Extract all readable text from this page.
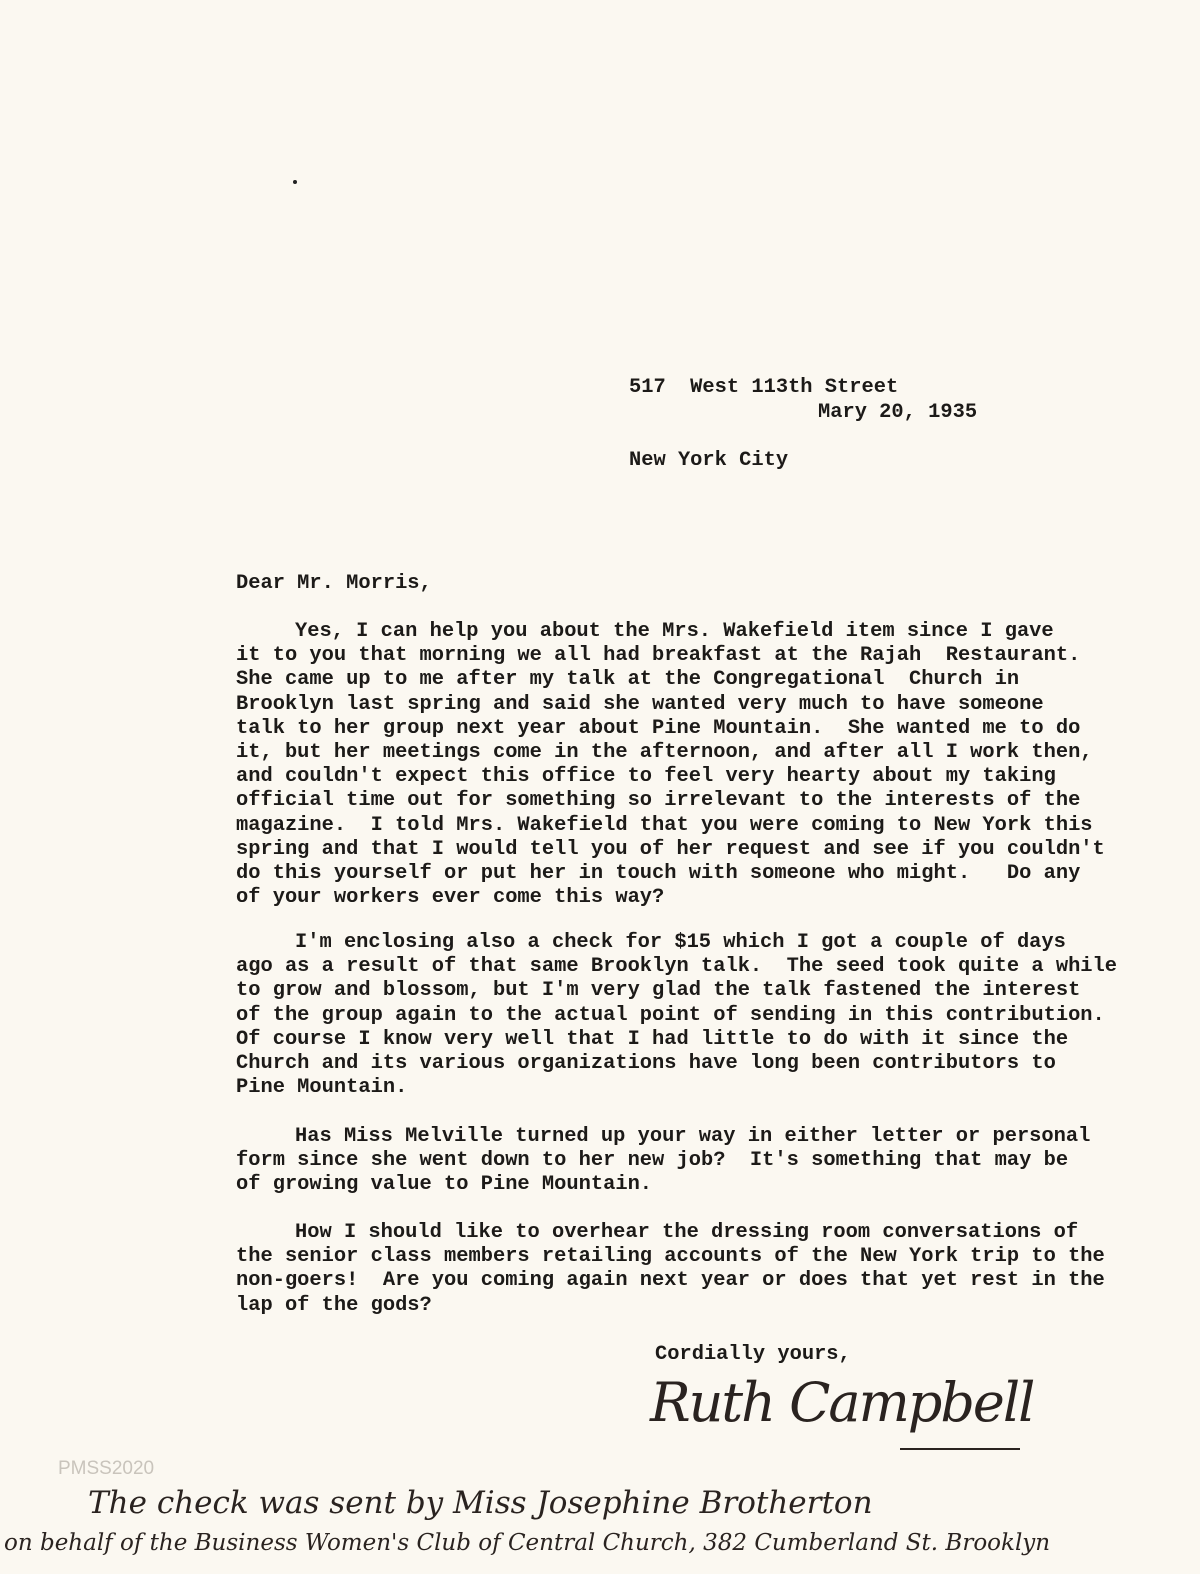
517  West 113th Street

New York City

Mary 20, 1935
Dear Mr. Morris,
Yes, I can help you about the Mrs. Wakefield item since I gave
it to you that morning we all had breakfast at the Rajah  Restaurant.
She came up to me after my talk at the Congregational  Church in
Brooklyn last spring and said she wanted very much to have someone
talk to her group next year about Pine Mountain.  She wanted me to do
it, but her meetings come in the afternoon, and after all I work then,
and couldn't expect this office to feel very hearty about my taking
official time out for something so irrelevant to the interests of the
magazine.  I told Mrs. Wakefield that you were coming to New York this
spring and that I would tell you of her request and see if you couldn't
do this yourself or put her in touch with someone who might.   Do any
of your workers ever come this way?
I'm enclosing also a check for $15 which I got a couple of days
ago as a result of that same Brooklyn talk.  The seed took quite a while
to grow and blossom, but I'm very glad the talk fastened the interest
of the group again to the actual point of sending in this contribution.
Of course I know very well that I had little to do with it since the
Church and its various organizations have long been contributors to
Pine Mountain.
Has Miss Melville turned up your way in either letter or personal
form since she went down to her new job?  It's something that may be
of growing value to Pine Mountain.
How I should like to overhear the dressing room conversations of
the senior class members retailing accounts of the New York trip to the
non-goers!  Are you coming again next year or does that yet rest in the
lap of the gods?
Cordially yours,
Ruth Campbell
PMSS2020
The check was sent by Miss Josephine Brotherton
on behalf of the Business Women's Club of Central Church, 382 Cumberland St. Brooklyn
